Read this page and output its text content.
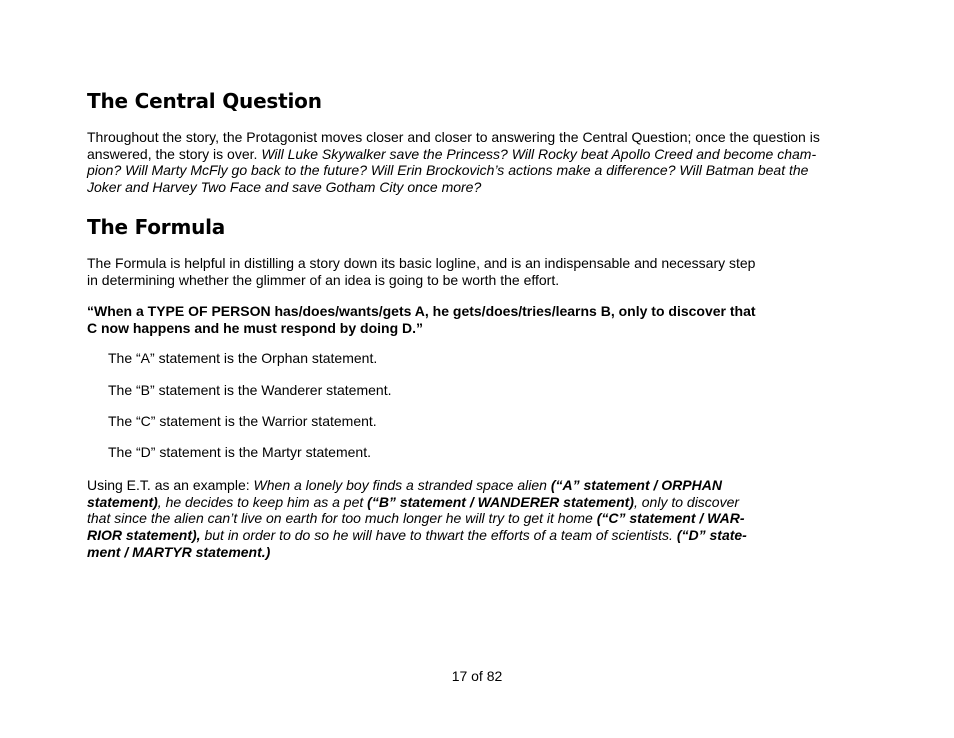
The Central Question

Throughout the story, the Protagonist moves closer and closer to answering the Central Question; once the question is
answered, the story is over. Will Luke Skywalker save the Princess? Will Rocky beat Apollo Creed and become cham-
pion? Will Marty McFly go back to the future? Will Erin Brockovich’s actions make a difference? Will Batman beat the
Joker and Harvey Two Face and save Gotham City once more?

The Formula

The Formula is helpful in distilling a story down its basic logline, and is an indispensable and necessary step
in determining whether the glimmer of an idea is going to be worth the effort.

“When a TYPE OF PERSON has/does/wants/gets A, he gets/does/tries/learns B, only to discover that
C now happens and he must respond by doing D.”

The “A” statement is the Orphan statement.

The “B” statement is the Wanderer statement.

The “C” statement is the Warrior statement.

The “D” statement is the Martyr statement.

Using E.T. as an example: When a lonely boy finds a stranded space alien (“A” statement / ORPHAN
statement), he decides to keep him as a pet (“B” statement / WANDERER statement), only to discover
that since the alien can’t live on earth for too much longer he will try to get it home (“C” statement / WAR-
RIOR statement), but in order to do so he will have to thwart the efforts of a team of scientists. (“D” state-
ment / MARTYR statement.)

17 of 82
